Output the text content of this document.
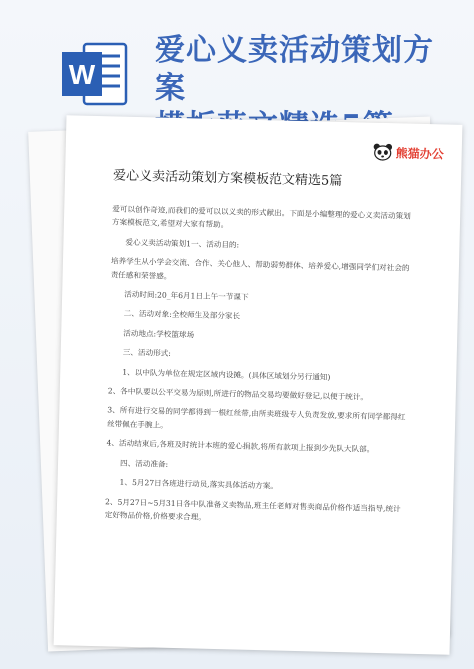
W
爱心义卖活动策划方案
熊猫办公
爱心义卖活动策划方案模板范文精选5篇

爱可以创作奇迹,而我们的爱可以以义卖的形式献出。下面是小编整理的爱心义卖活动策划方案模板范文,希望对大家有帮助。

爱心义卖活动策划1一、活动目的:

培养学生从小学会交流、合作、关心他人、帮助弱势群体、培养爱心,增强同学们对社会的责任感和荣誉感。

活动时间:20_年6月1日上午一节课下

二、活动对象:全校师生及部分家长

活动地点:学校篮球场

三、活动形式:

1、以中队为单位在规定区域内设摊。(具体区域划分另行通知)

2、各中队要以公平交易为原则,所进行的物品交易均要做好登记,以便于统计。

3、所有进行交易的同学都得到一根红丝带,由所卖班级专人负责发放,要求所有同学都得红丝带佩在手腕上。

4、活动结束后,各班及时统计本班的爱心捐款,将所有款项上报到少先队大队部。

四、活动准备:

1、5月27日各班进行动员,落实具体活动方案。

2、5月27日~5月31日各中队准备义卖物品,班主任老师对售卖商品价格作适当指导,统计定好物品价格,价格要求合理。
